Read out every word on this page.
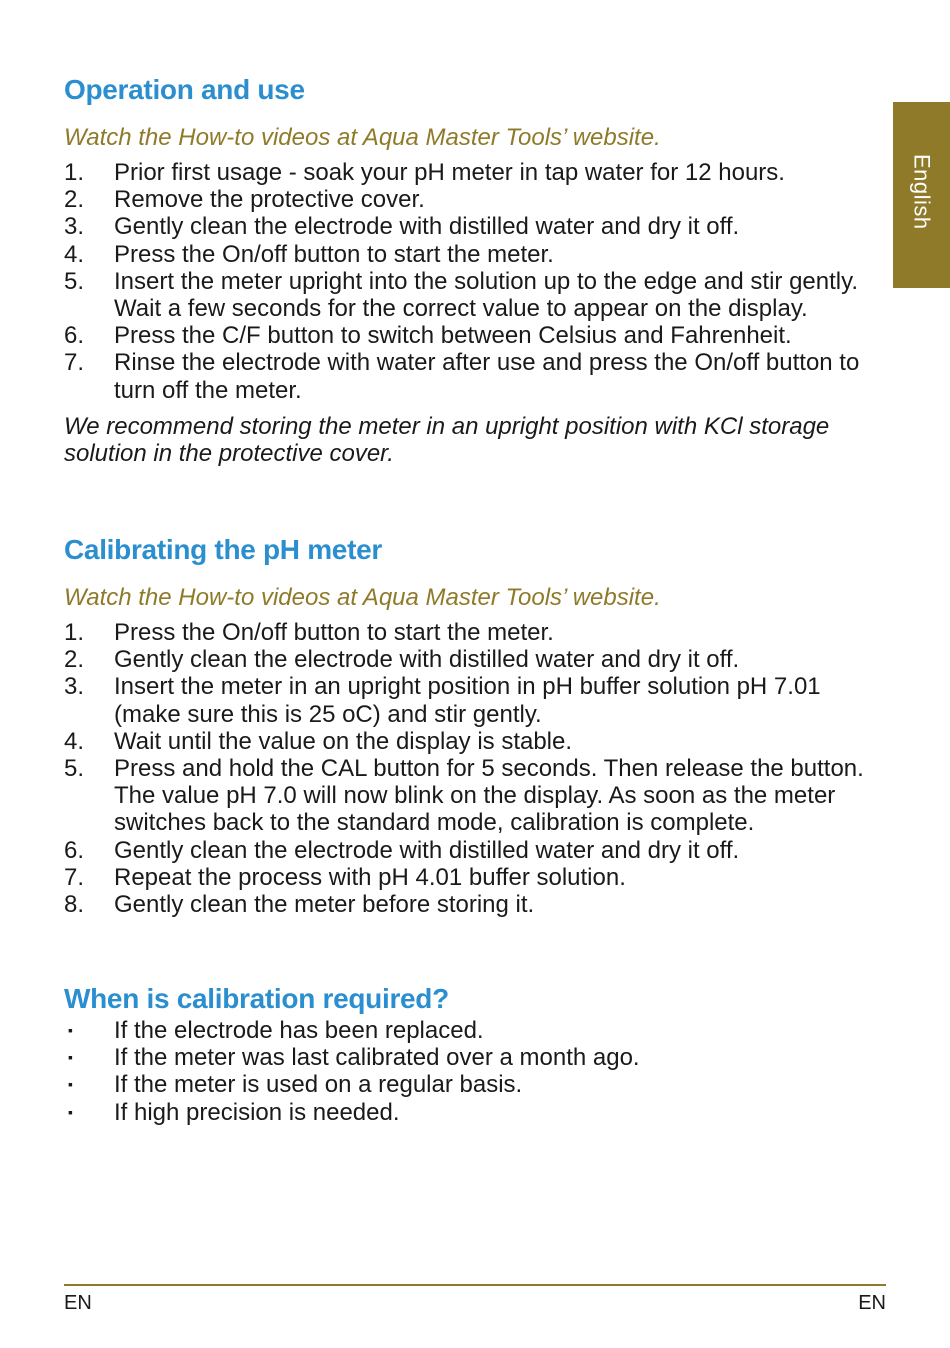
English
Operation and use

Watch the How-to videos at Aqua Master Tools’ website.

1. Prior first usage - soak your pH meter in tap water for 12 hours.
2. Remove the protective cover.
3. Gently clean the electrode with distilled water and dry it off.
4. Press the On/off button to start the meter.
5. Insert the meter upright into the solution up to the edge and stir gently. Wait a few seconds for the correct value to appear on the display.
6. Press the C/F button to switch between Celsius and Fahrenheit.
7. Rinse the electrode with water after use and press the On/off button to turn off the meter.

We recommend storing the meter in an upright position with KCl storage solution in the protective cover.

Calibrating the pH meter

Watch the How-to videos at Aqua Master Tools’ website.

1. Press the On/off button to start the meter.
2. Gently clean the electrode with distilled water and dry it off.
3. Insert the meter in an upright position in pH buffer solution pH 7.01 (make sure this is 25 oC) and stir gently.
4. Wait until the value on the display is stable.
5. Press and hold the CAL button for 5 seconds. Then release the button. The value pH 7.0 will now blink on the display. As soon as the meter switches back to the standard mode, calibration is complete.
6. Gently clean the electrode with distilled water and dry it off.
7. Repeat the process with pH 4.01 buffer solution.
8. Gently clean the meter before storing it.
When is calibration required?
▪ If the electrode has been replaced.
▪ If the meter was last calibrated over a month ago.
▪ If the meter is used on a regular basis.
▪ If high precision is needed.
EN	EN
